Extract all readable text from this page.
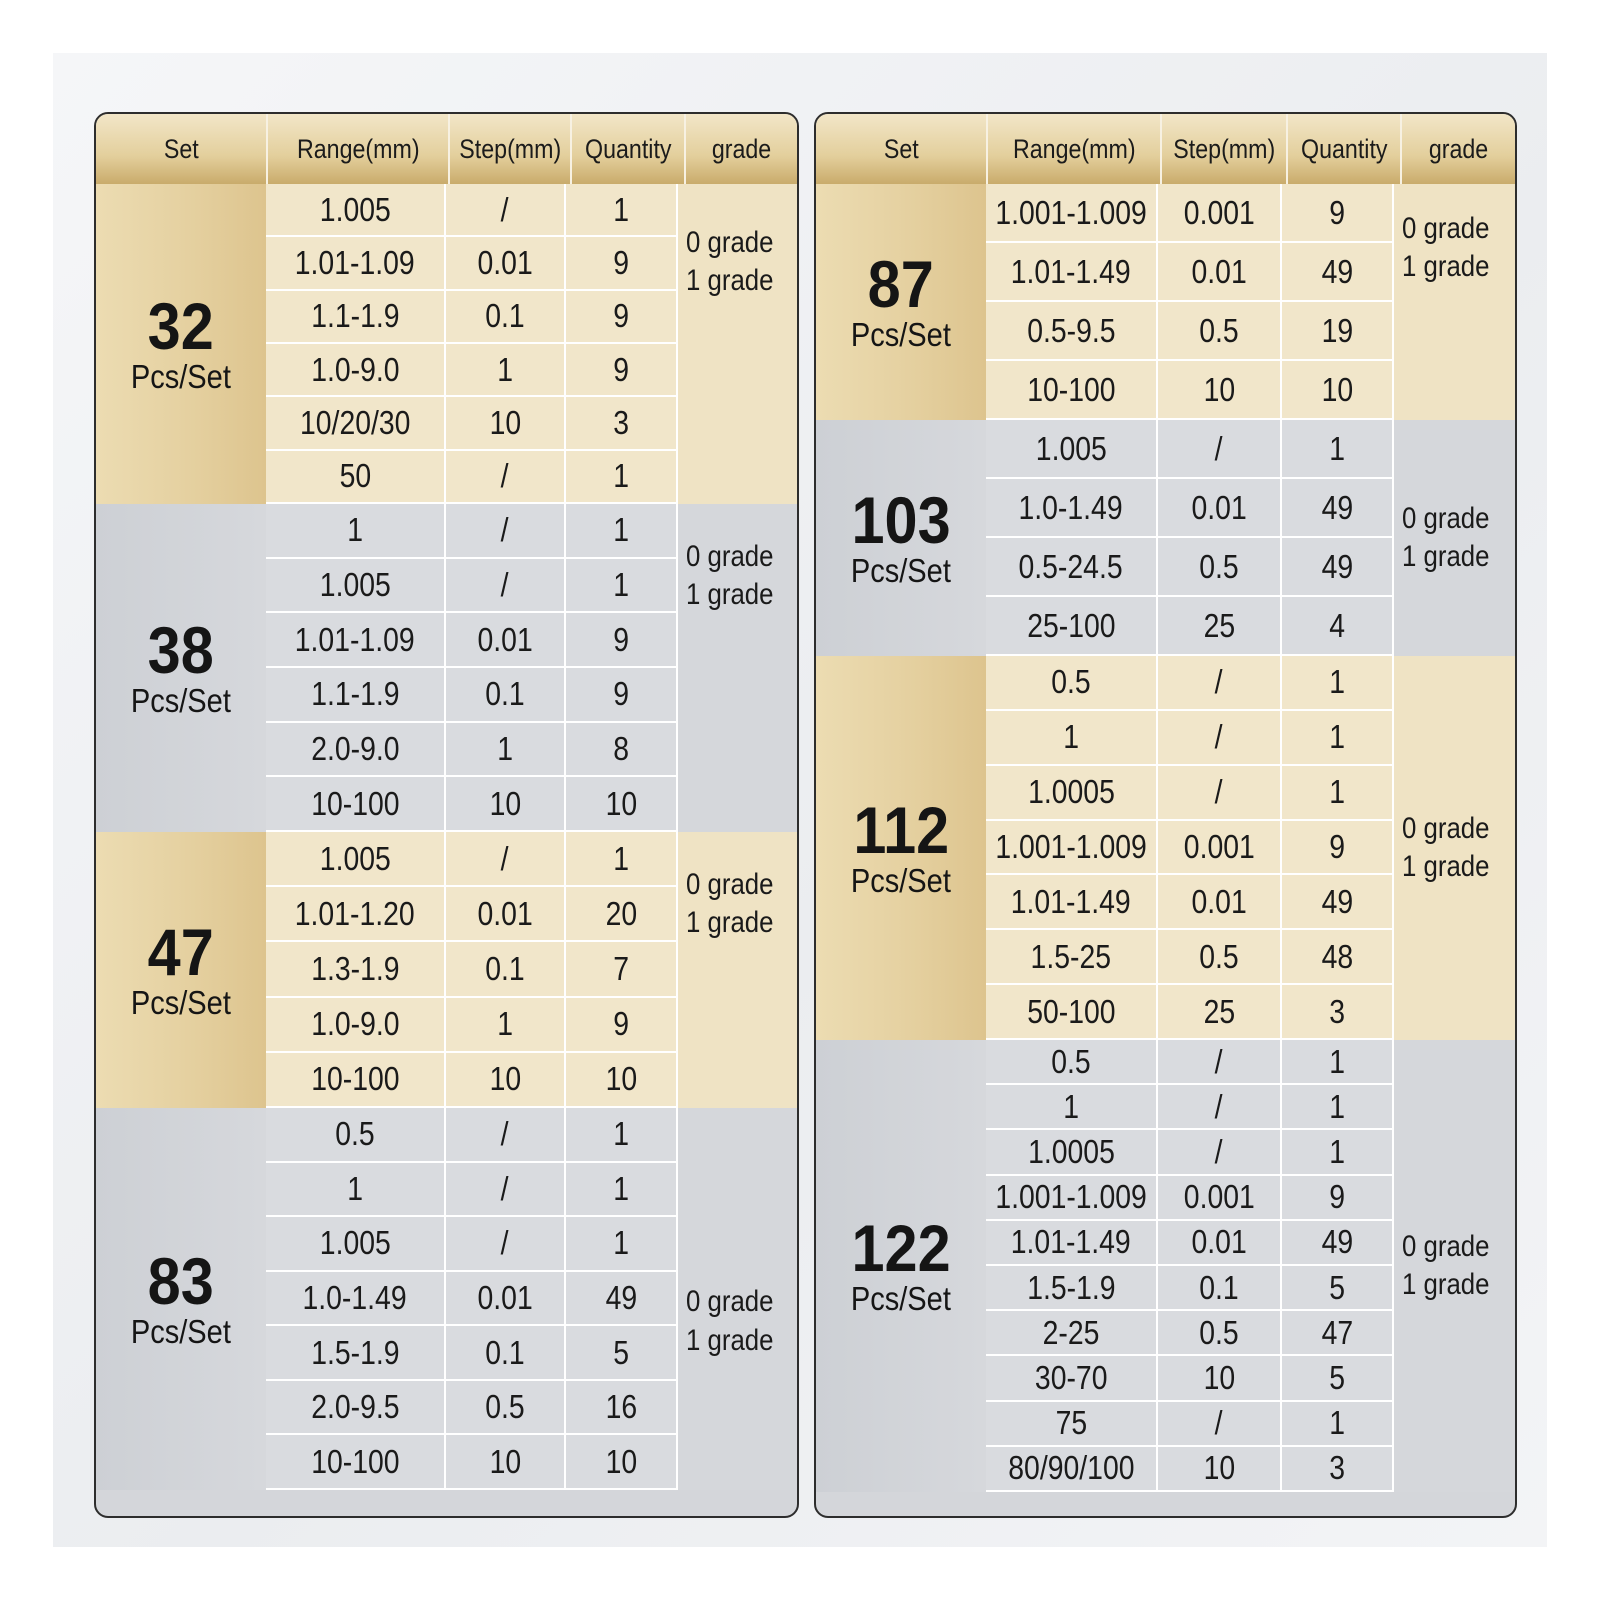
Set	Range(mm) Step(mm) Quantity grade
32
Pcs/Set
1.005	/	1
1.01-1.09 0.01 9
1.1-1.9	0.1	9
1.0-9.0	1	9
10/20/30 10	3
50	/	1
0 grade
1 grade
38
Pcs/Set
1	/	1
1.005	/	1
1.01-1.09 0.01 9
1.1-1.9	0.1	9
2.0-9.0	1	8
10-100	10	10
0 grade
1 grade
47
Pcs/Set
1.005	/	1
1.01-1.20 0.01 20
1.3-1.9	0.1	7
1.0-9.0	1	9
10-100	10	10
0 grade
1 grade
83
Pcs/Set
0.5	/	1
1	/	1
1.005	/	1
1.0-1.49 0.01 49
1.5-1.9	0.1	5
2.0-9.5	0.5 16
10-100	10	10
0 grade
1 grade
Set	Range(mm) Step(mm) Quantity grade
87
Pcs/Set
1.001-1.009 0.001 9
1.01-1.49 0.01 49
0.5-9.5	0.5 19
10-100	10	10
0 grade
1 grade
103
Pcs/Set
1.005	/	1
1.0-1.49 0.01 49
0.5-24.5 0.5 49
25-100	25	4
0 grade
1 grade
112
Pcs/Set
0.5	/	1
1	/	1
1.0005	/	1
1.001-1.009 0.001 9
1.01-1.49 0.01 49
1.5-25	0.5 48
50-100	25	3
0 grade
1 grade
122
Pcs/Set
0.5	/	1
1	/	1
1.0005	/	1
1.001-1.009 0.001 9
1.01-1.49 0.01 49
1.5-1.9	0.1	5
2-25	0.5 47
30-70	10	5
75	/	1
80/90/100 10	3
0 grade
1 grade
